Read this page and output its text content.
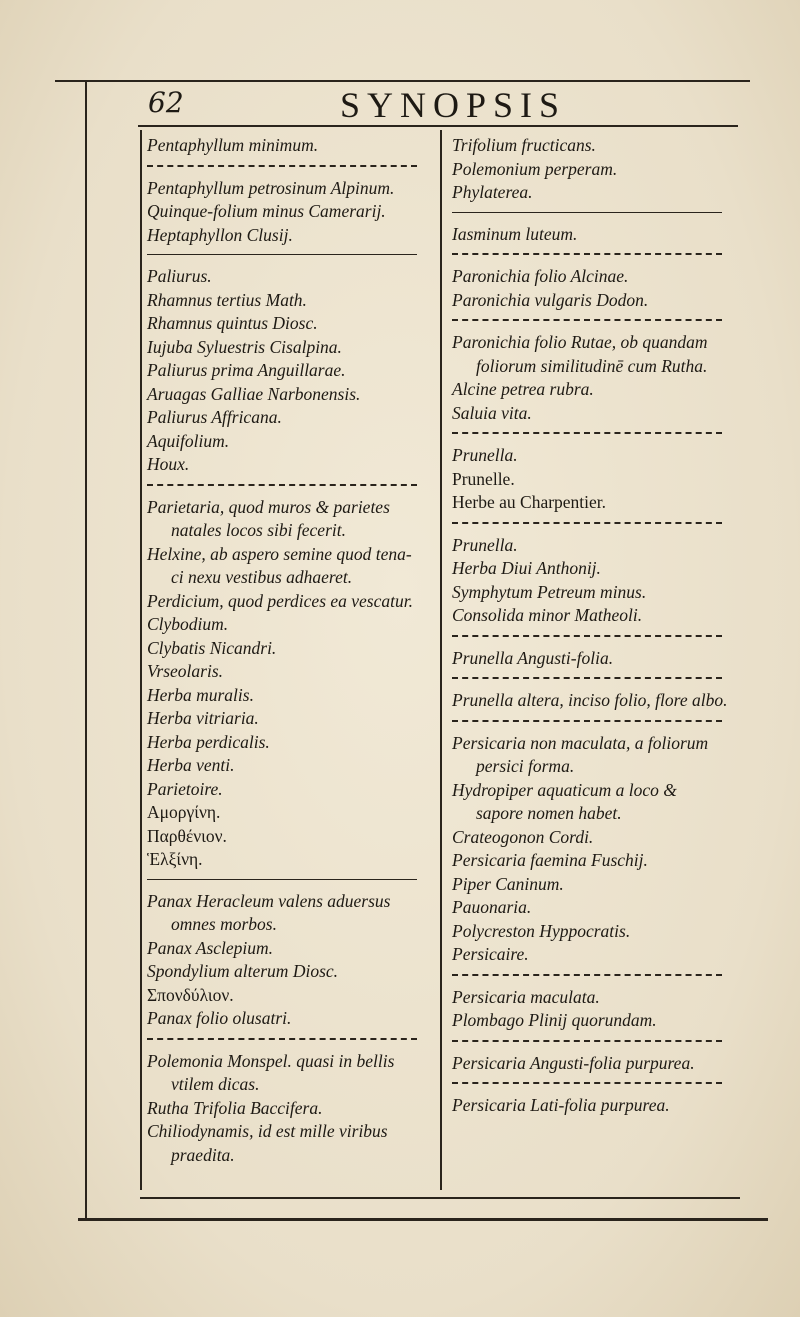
62	SYNOPSIS
Pentaphyllum minimum.
Pentaphyllum petrosinum Alpinum.
Quinque-folium minus Camerarij.
Heptaphyllon Clusij.
Paliurus.
Rhamnus tertius Math.
Rhamnus quintus Diosc.
Iujuba Syluestris Cisalpina.
Paliurus prima Anguillarae.
Aruagas Galliae Narbonensis.
Paliurus Affricana.
Aquifolium.
Houx.
Parietaria, quod muros & parietes
natales locos sibi fecerit.
Helxine, ab aspero semine quod tena-
ci nexu vestibus adhaeret.
Perdicium, quod perdices ea vescatur.
Clybodium.
Clybatis Nicandri.
Vrseolaris.
Herba muralis.
Herba vitriaria.
Herba perdicalis.
Herba venti.
Parietoire.
Αμοργίνη.
Παρθένιον.
Ἑλξίνη.
Panax Heracleum valens aduersus
omnes morbos.
Panax Asclepium.
Spondylium alterum Diosc.
Σπονδύλιον.
Panax folio olusatri.
Polemonia Monspel. quasi in bellis
vtilem dicas.
Rutha Trifolia Baccifera.
Chiliodynamis, id est mille viribus
praedita.
Trifolium fructicans.
Polemonium perperam.
Phylaterea.
Iasminum luteum.
Paronichia folio Alcinae.
Paronichia vulgaris Dodon.
Paronichia folio Rutae, ob quandam
foliorum similitudinē cum Rutha.
Alcine petrea rubra.
Saluia vita.
Prunella.
Prunelle.
Herbe au Charpentier.
Prunella.
Herba Diui Anthonij.
Symphytum Petreum minus.
Consolida minor Matheoli.
Prunella Angusti-folia.
Prunella altera, inciso folio, flore albo.
Persicaria non maculata, a foliorum
persici forma.
Hydropiper aquaticum a loco &
sapore nomen habet.
Crateogonon Cordi.
Persicaria faemina Fuschij.
Piper Caninum.
Pauonaria.
Polycreston Hyppocratis.
Persicaire.
Persicaria maculata.
Plombago Plinij quorundam.
Persicaria Angusti-folia purpurea.
Persicaria Lati-folia purpurea.
